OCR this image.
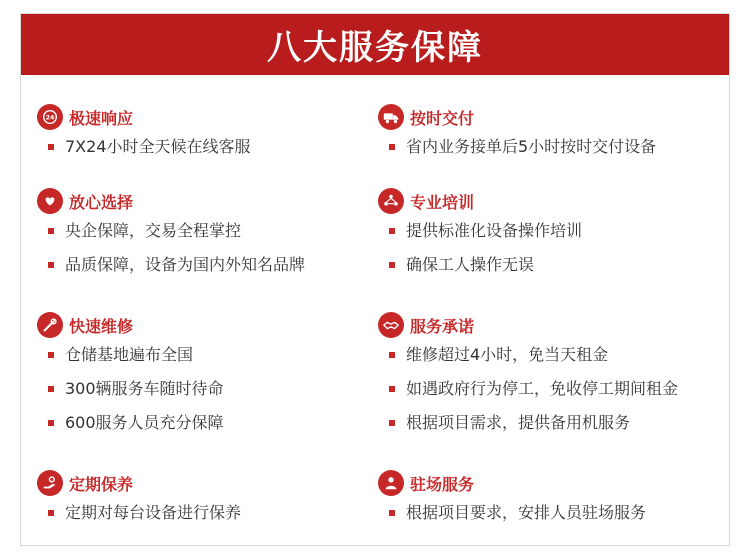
八大服务保障
24 极速响应
7X24小时全天候在线客服
按时交付
省内业务接单后5小时按时交付设备
放心选择
央企保障，交易全程掌控
品质保障，设备为国内外知名品牌
专业培训
提供标准化设备操作培训
确保工人操作无误
快速维修
仓储基地遍布全国
300辆服务车随时待命
600服务人员充分保障
服务承诺
维修超过4小时，免当天租金
如遇政府行为停工，免收停工期间租金
根据项目需求，提供备用机服务
定期保养
定期对每台设备进行保养
驻场服务
根据项目要求，安排人员驻场服务
